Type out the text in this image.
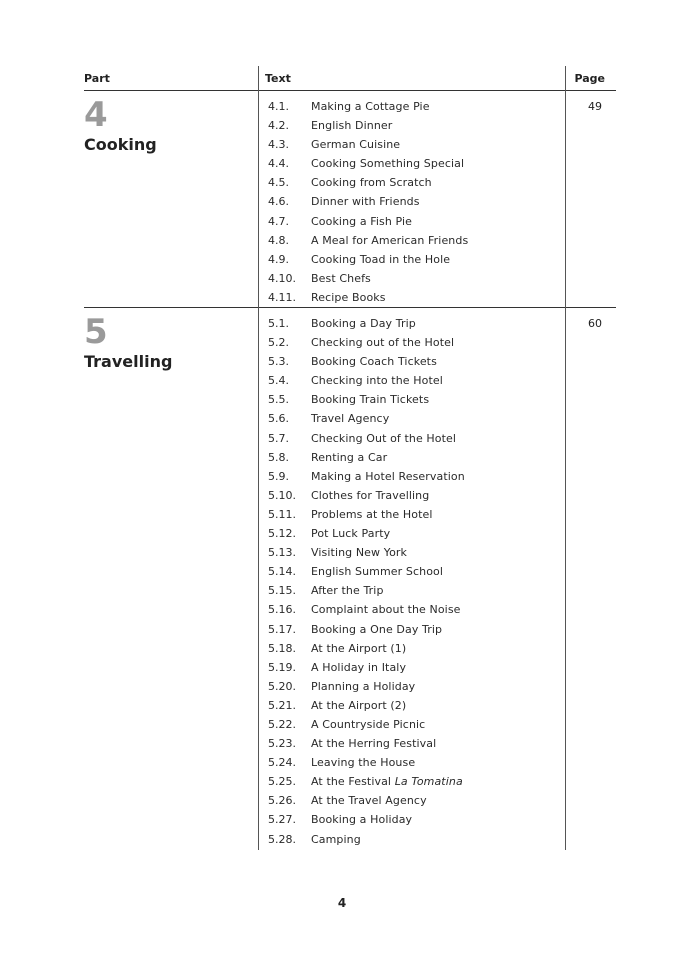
Part	Text	Page
4
Cooking
49
4.1. Making a Cottage Pie
4.2. English Dinner
4.3. German Cuisine
4.4. Cooking Something Special
4.5. Cooking from Scratch
4.6. Dinner with Friends
4.7. Cooking a Fish Pie
4.8. A Meal for American Friends
4.9. Cooking Toad in the Hole
4.10. Best Chefs
4.11. Recipe Books
5
Travelling
60
5.1. Booking a Day Trip
5.2. Checking out of the Hotel
5.3. Booking Coach Tickets
5.4. Checking into the Hotel
5.5. Booking Train Tickets
5.6. Travel Agency
5.7. Checking Out of the Hotel
5.8. Renting a Car
5.9. Making a Hotel Reservation
5.10. Clothes for Travelling
5.11. Problems at the Hotel
5.12. Pot Luck Party
5.13. Visiting New York
5.14. English Summer School
5.15. After the Trip
5.16. Complaint about the Noise
5.17. Booking a One Day Trip
5.18. At the Airport (1)
5.19. A Holiday in Italy
5.20. Planning a Holiday
5.21. At the Airport (2)
5.22. A Countryside Picnic
5.23. At the Herring Festival
5.24. Leaving the House
5.25. At the Festival La Tomatina
5.26. At the Travel Agency
5.27. Booking a Holiday
5.28. Camping
4
